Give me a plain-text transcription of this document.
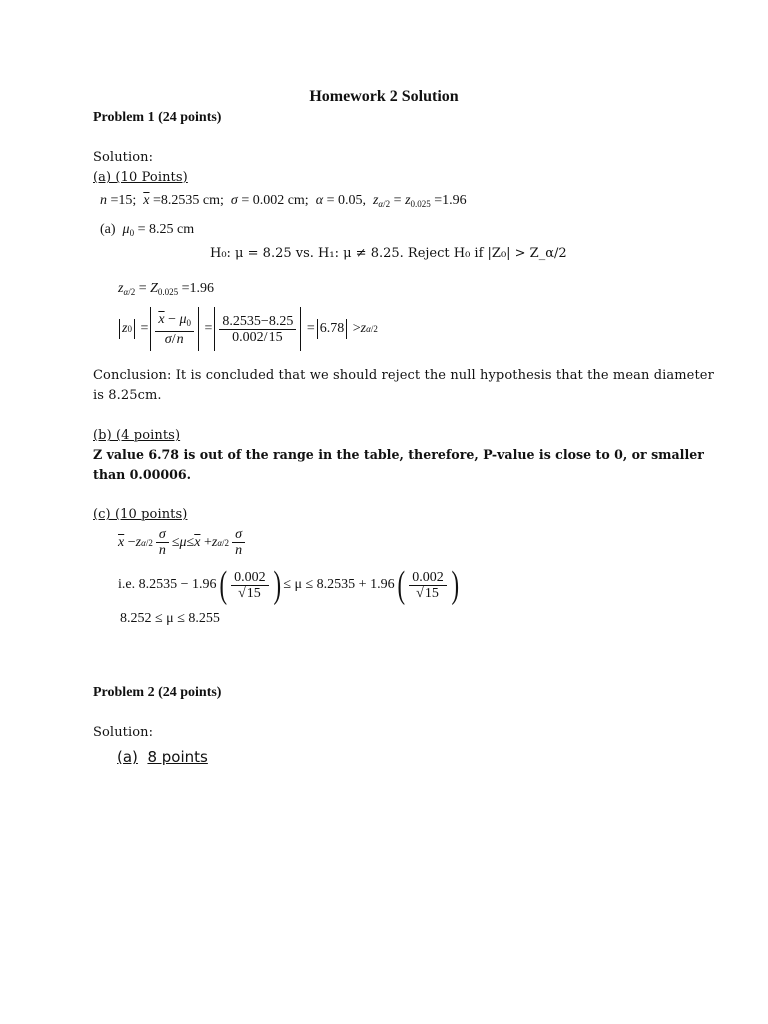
Homework 2 Solution
Problem 1 (24 points)
Solution:
(a) (10 Points)
n =15;  $\overline{x} =8.2535$ cm;  σ = 0.002 cm;  α = 0.05,  $z_{\alpha/2} = z_{0.025} =1.96$
(a)  $\mu_0 = 8.25$ cm
H₀: μ = 8.25 vs. H₁: μ ≠ 8.25. Reject H₀ if |Z₀| > Z_α/2
$z_{\alpha/2} = Z_{0.025} =1.96$
z $0 = \frac{\overline{x} - \mu_0}{\sigma/n} = \frac{8.2535-8.25}{0.002/15} = 6.78 > z$ α/2
Conclusion: It is concluded that we should reject the null hypothesis that the mean diameter
is 8.25cm.
(b) (4 points)
Z value 6.78 is out of the range in the table, therefore, P-value is close to 0, or smaller
than 0.00006.
(c) (10 points)
$\overline{x} - z$ $\alpha/2 \frac{\sigma}{n} \le \mu \le \overline{x} + z$ $\alpha/2 \frac{\sigma}{n}$
i.e. 8.2535 − 1.96 ( $\frac{0.002}{√15}$ ) ≤ μ ≤ 8.2535 + 1.96 ( $\frac{0.002}{√15}$ )
8.252 ≤ μ ≤ 8.255
Problem 2 (24 points)
Solution:
(a) 8 points
